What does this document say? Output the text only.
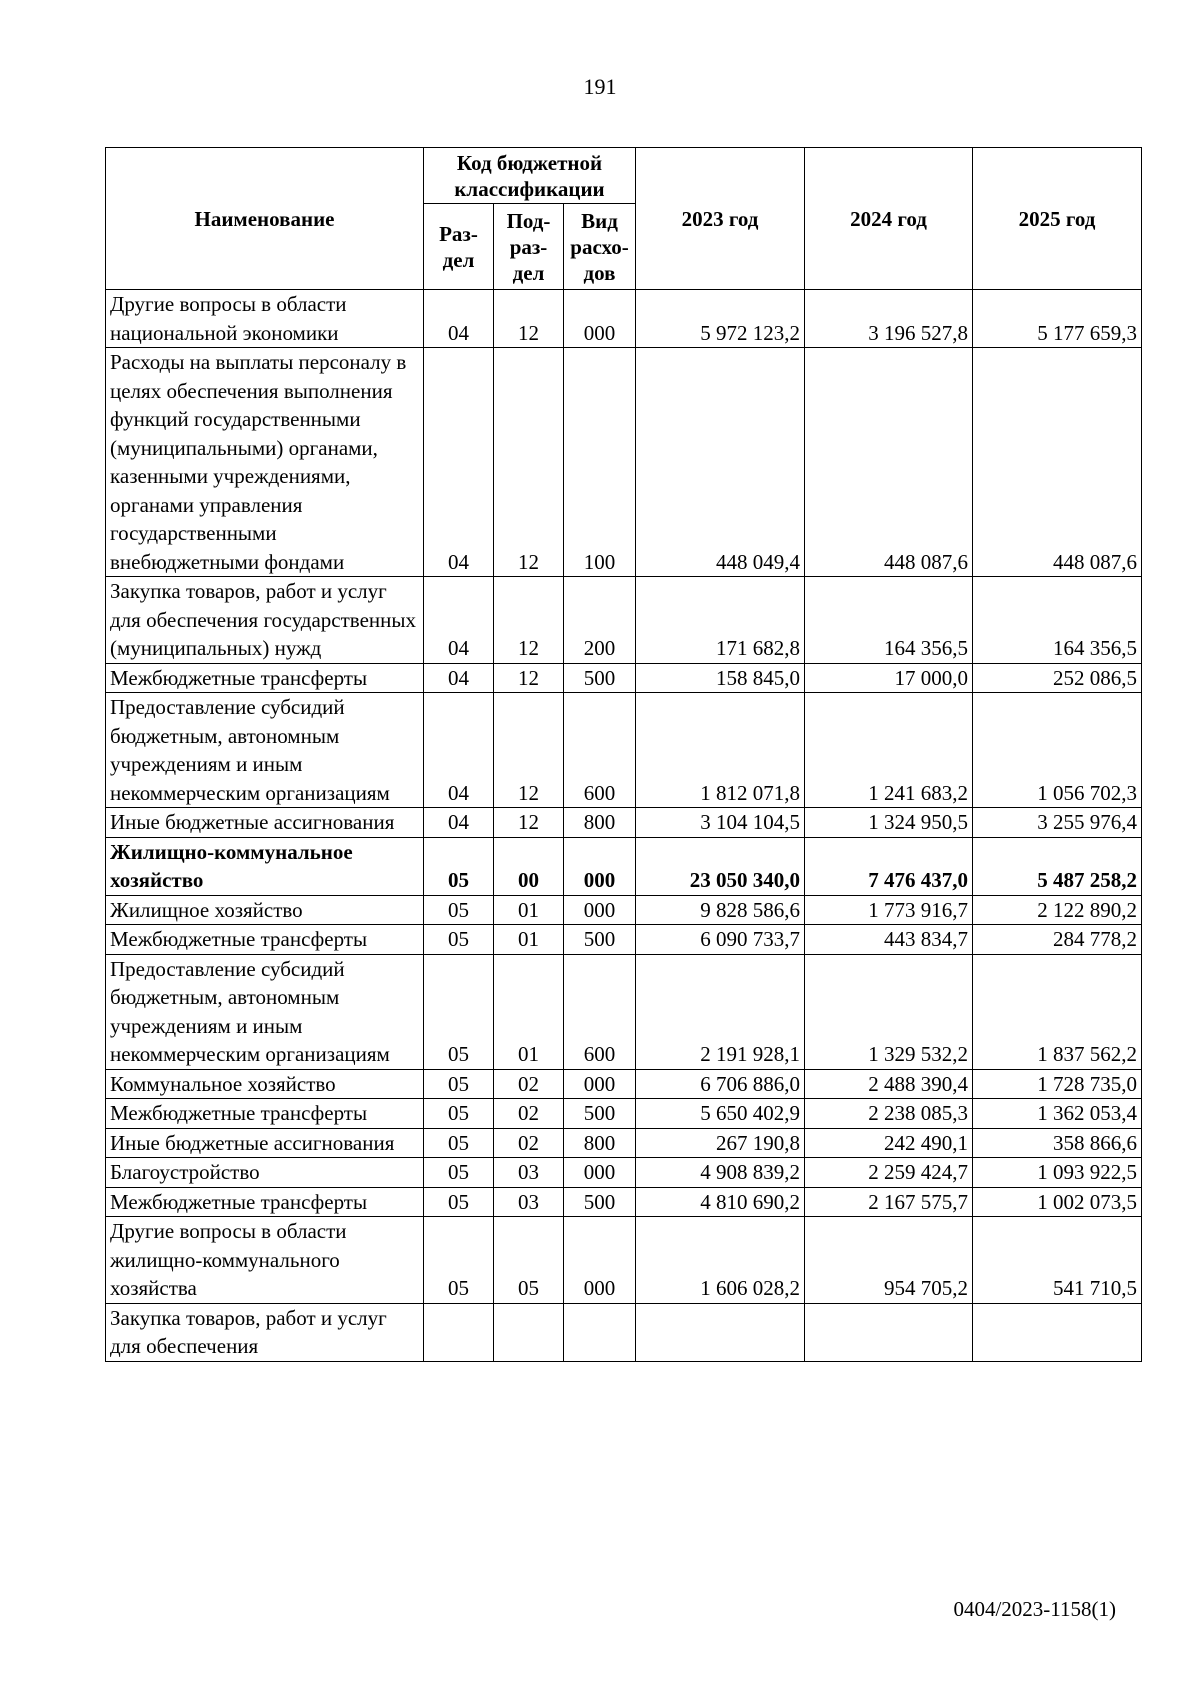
191
Наименование	Код бюджетной классификации			2023 год	2024 год	2025 год
	Раз-дел	Под-раз-дел	Вид расхо-дов			
Другие вопросы в области национальной экономики	04	12	000	5 972 123,2	3 196 527,8	5 177 659,3
Расходы на выплаты персоналу в целях обеспечения выполнения функций государственными (муниципальными) органами, казенными учреждениями, органами управления государственными внебюджетными фондами	04	12	100	448 049,4	448 087,6	448 087,6
Закупка товаров, работ и услуг для обеспечения государственных (муниципальных) нужд	04	12	200	171 682,8	164 356,5	164 356,5
Межбюджетные трансферты	04	12	500	158 845,0	17 000,0	252 086,5
Предоставление субсидий бюджетным, автономным учреждениям и иным некоммерческим организациям	04	12	600	1 812 071,8	1 241 683,2	1 056 702,3
Иные бюджетные ассигнования	04	12	800	3 104 104,5	1 324 950,5	3 255 976,4
Жилищно-коммунальное хозяйство	05	00	000	23 050 340,0	7 476 437,0	5 487 258,2
Жилищное хозяйство	05	01	000	9 828 586,6	1 773 916,7	2 122 890,2
Межбюджетные трансферты	05	01	500	6 090 733,7	443 834,7	284 778,2
Предоставление субсидий бюджетным, автономным учреждениям и иным некоммерческим организациям	05	01	600	2 191 928,1	1 329 532,2	1 837 562,2
Коммунальное хозяйство	05	02	000	6 706 886,0	2 488 390,4	1 728 735,0
Межбюджетные трансферты	05	02	500	5 650 402,9	2 238 085,3	1 362 053,4
Иные бюджетные ассигнования	05	02	800	267 190,8	242 490,1	358 866,6
Благоустройство	05	03	000	4 908 839,2	2 259 424,7	1 093 922,5
Межбюджетные трансферты	05	03	500	4 810 690,2	2 167 575,7	1 002 073,5
Другие вопросы в области жилищно-коммунального хозяйства	05	05	000	1 606 028,2	954 705,2	541 710,5
Закупка товаров, работ и услуг для обеспечения						
0404/2023-1158(1)
